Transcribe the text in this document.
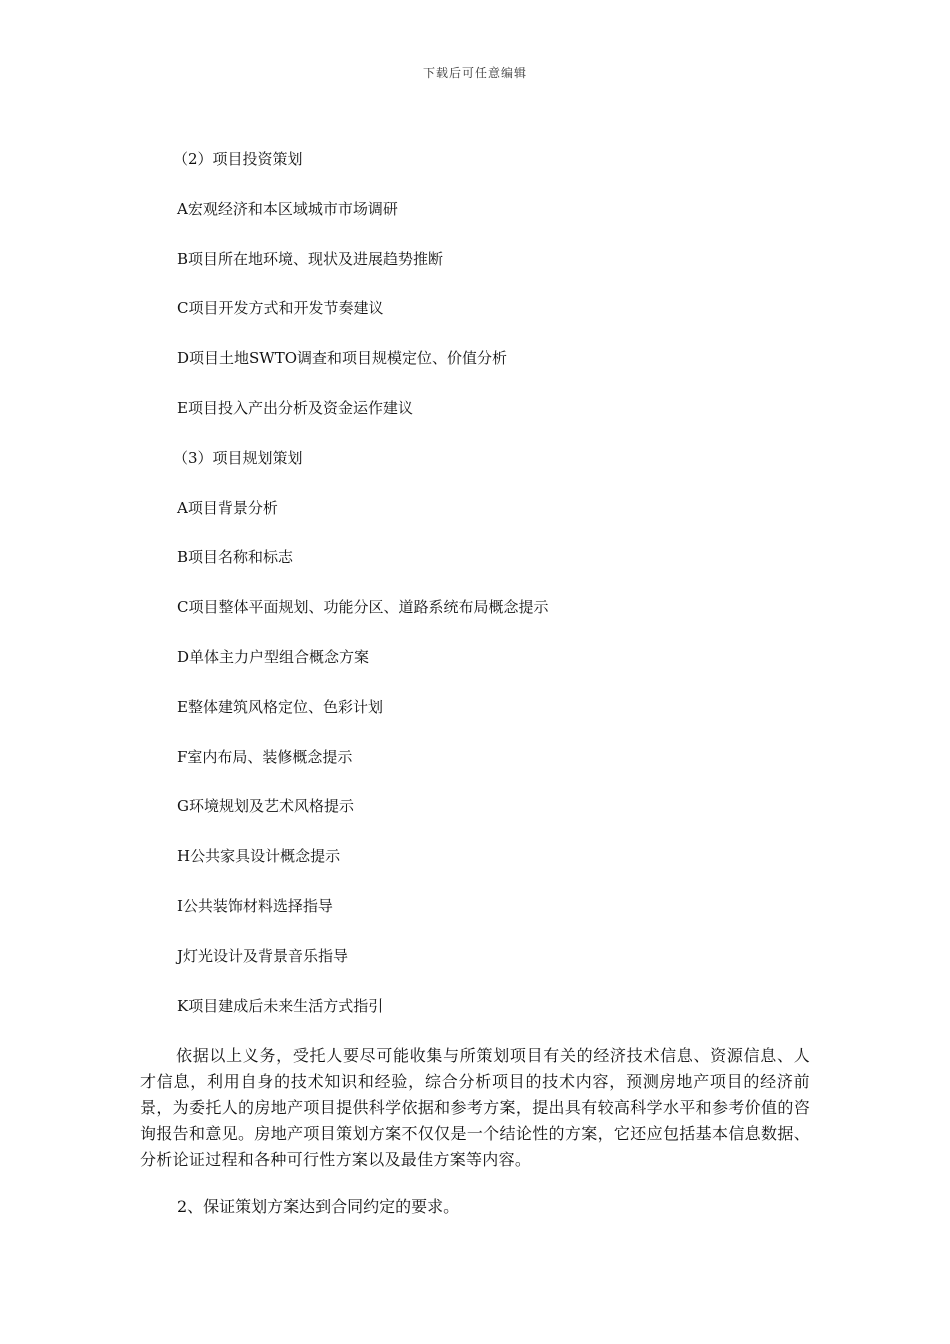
下载后可任意编辑
（2）项目投资策划
A宏观经济和本区域城市市场调研
B项目所在地环境、现状及进展趋势推断
C项目开发方式和开发节奏建议
D项目土地SWTO调查和项目规模定位、价值分析
E项目投入产出分析及资金运作建议
（3）项目规划策划
A项目背景分析
B项目名称和标志
C项目整体平面规划、功能分区、道路系统布局概念提示
D单体主力户型组合概念方案
E整体建筑风格定位、色彩计划
F室内布局、装修概念提示
G环境规划及艺术风格提示
H公共家具设计概念提示
I公共装饰材料选择指导
J灯光设计及背景音乐指导
K项目建成后未来生活方式指引
依据以上义务，受托人要尽可能收集与所策划项目有关的经济技术信息、资源信息、人才信息，利用自身的技术知识和经验，综合分析项目的技术内容，预测房地产项目的经济前景，为委托人的房地产项目提供科学依据和参考方案，提出具有较高科学水平和参考价值的咨询报告和意见。房地产项目策划方案不仅仅是一个结论性的方案，它还应包括基本信息数据、分析论证过程和各种可行性方案以及最佳方案等内容。
2、保证策划方案达到合同约定的要求。
